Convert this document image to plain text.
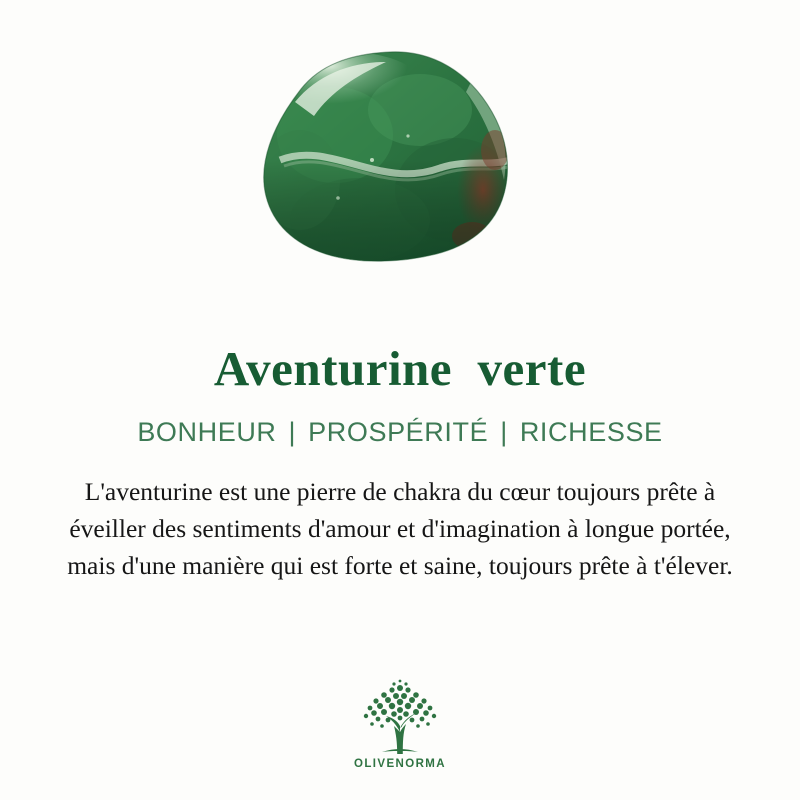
Aventurine  verte
BONHEUR | PROSPÉRITÉ | RICHESSE

L'aventurine est une pierre de chakra du cœur toujours prête à éveiller des sentiments d'amour et d'imagination à longue portée, mais d'une manière qui est forte et saine, toujours prête à t'élever.

OLIVENORMA
